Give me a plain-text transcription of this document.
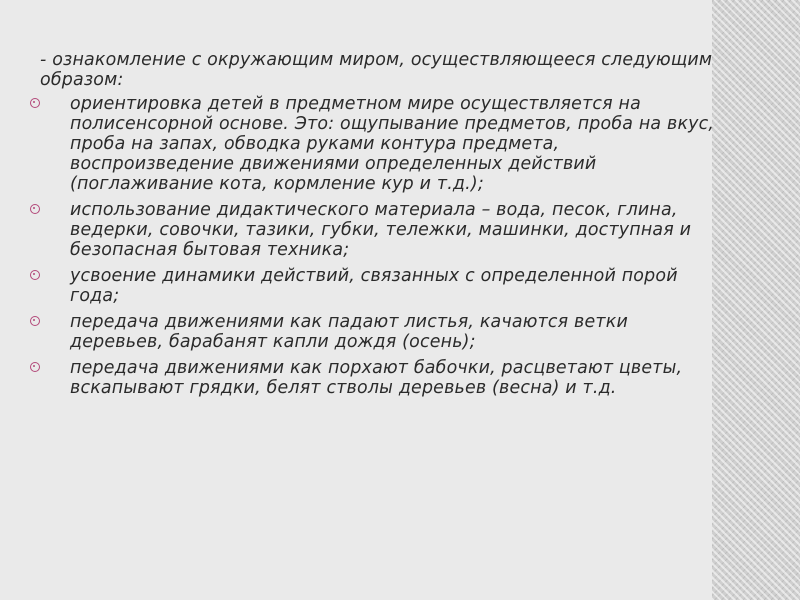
- ознакомление с окружающим миром, осуществляющееся следующим образом:

ориентировка детей в предметном мире осуществляется на полисенсорной основе. Это: ощупывание предметов, проба на вкус, проба на запах, обводка руками контура предмета, воспроизведение движениями определенных действий (поглаживание кота, кормление кур и т.д.);
использование дидактического материала – вода, песок, глина, ведерки, совочки, тазики, губки, тележки, машинки, доступная и безопасная бытовая техника;
усвоение динамики действий, связанных с определенной порой года;
передача движениями как падают листья, качаются ветки деревьев, барабанят капли дождя (осень);
передача движениями как порхают бабочки, расцветают цветы, вскапывают грядки, белят стволы деревьев (весна) и т.д.
